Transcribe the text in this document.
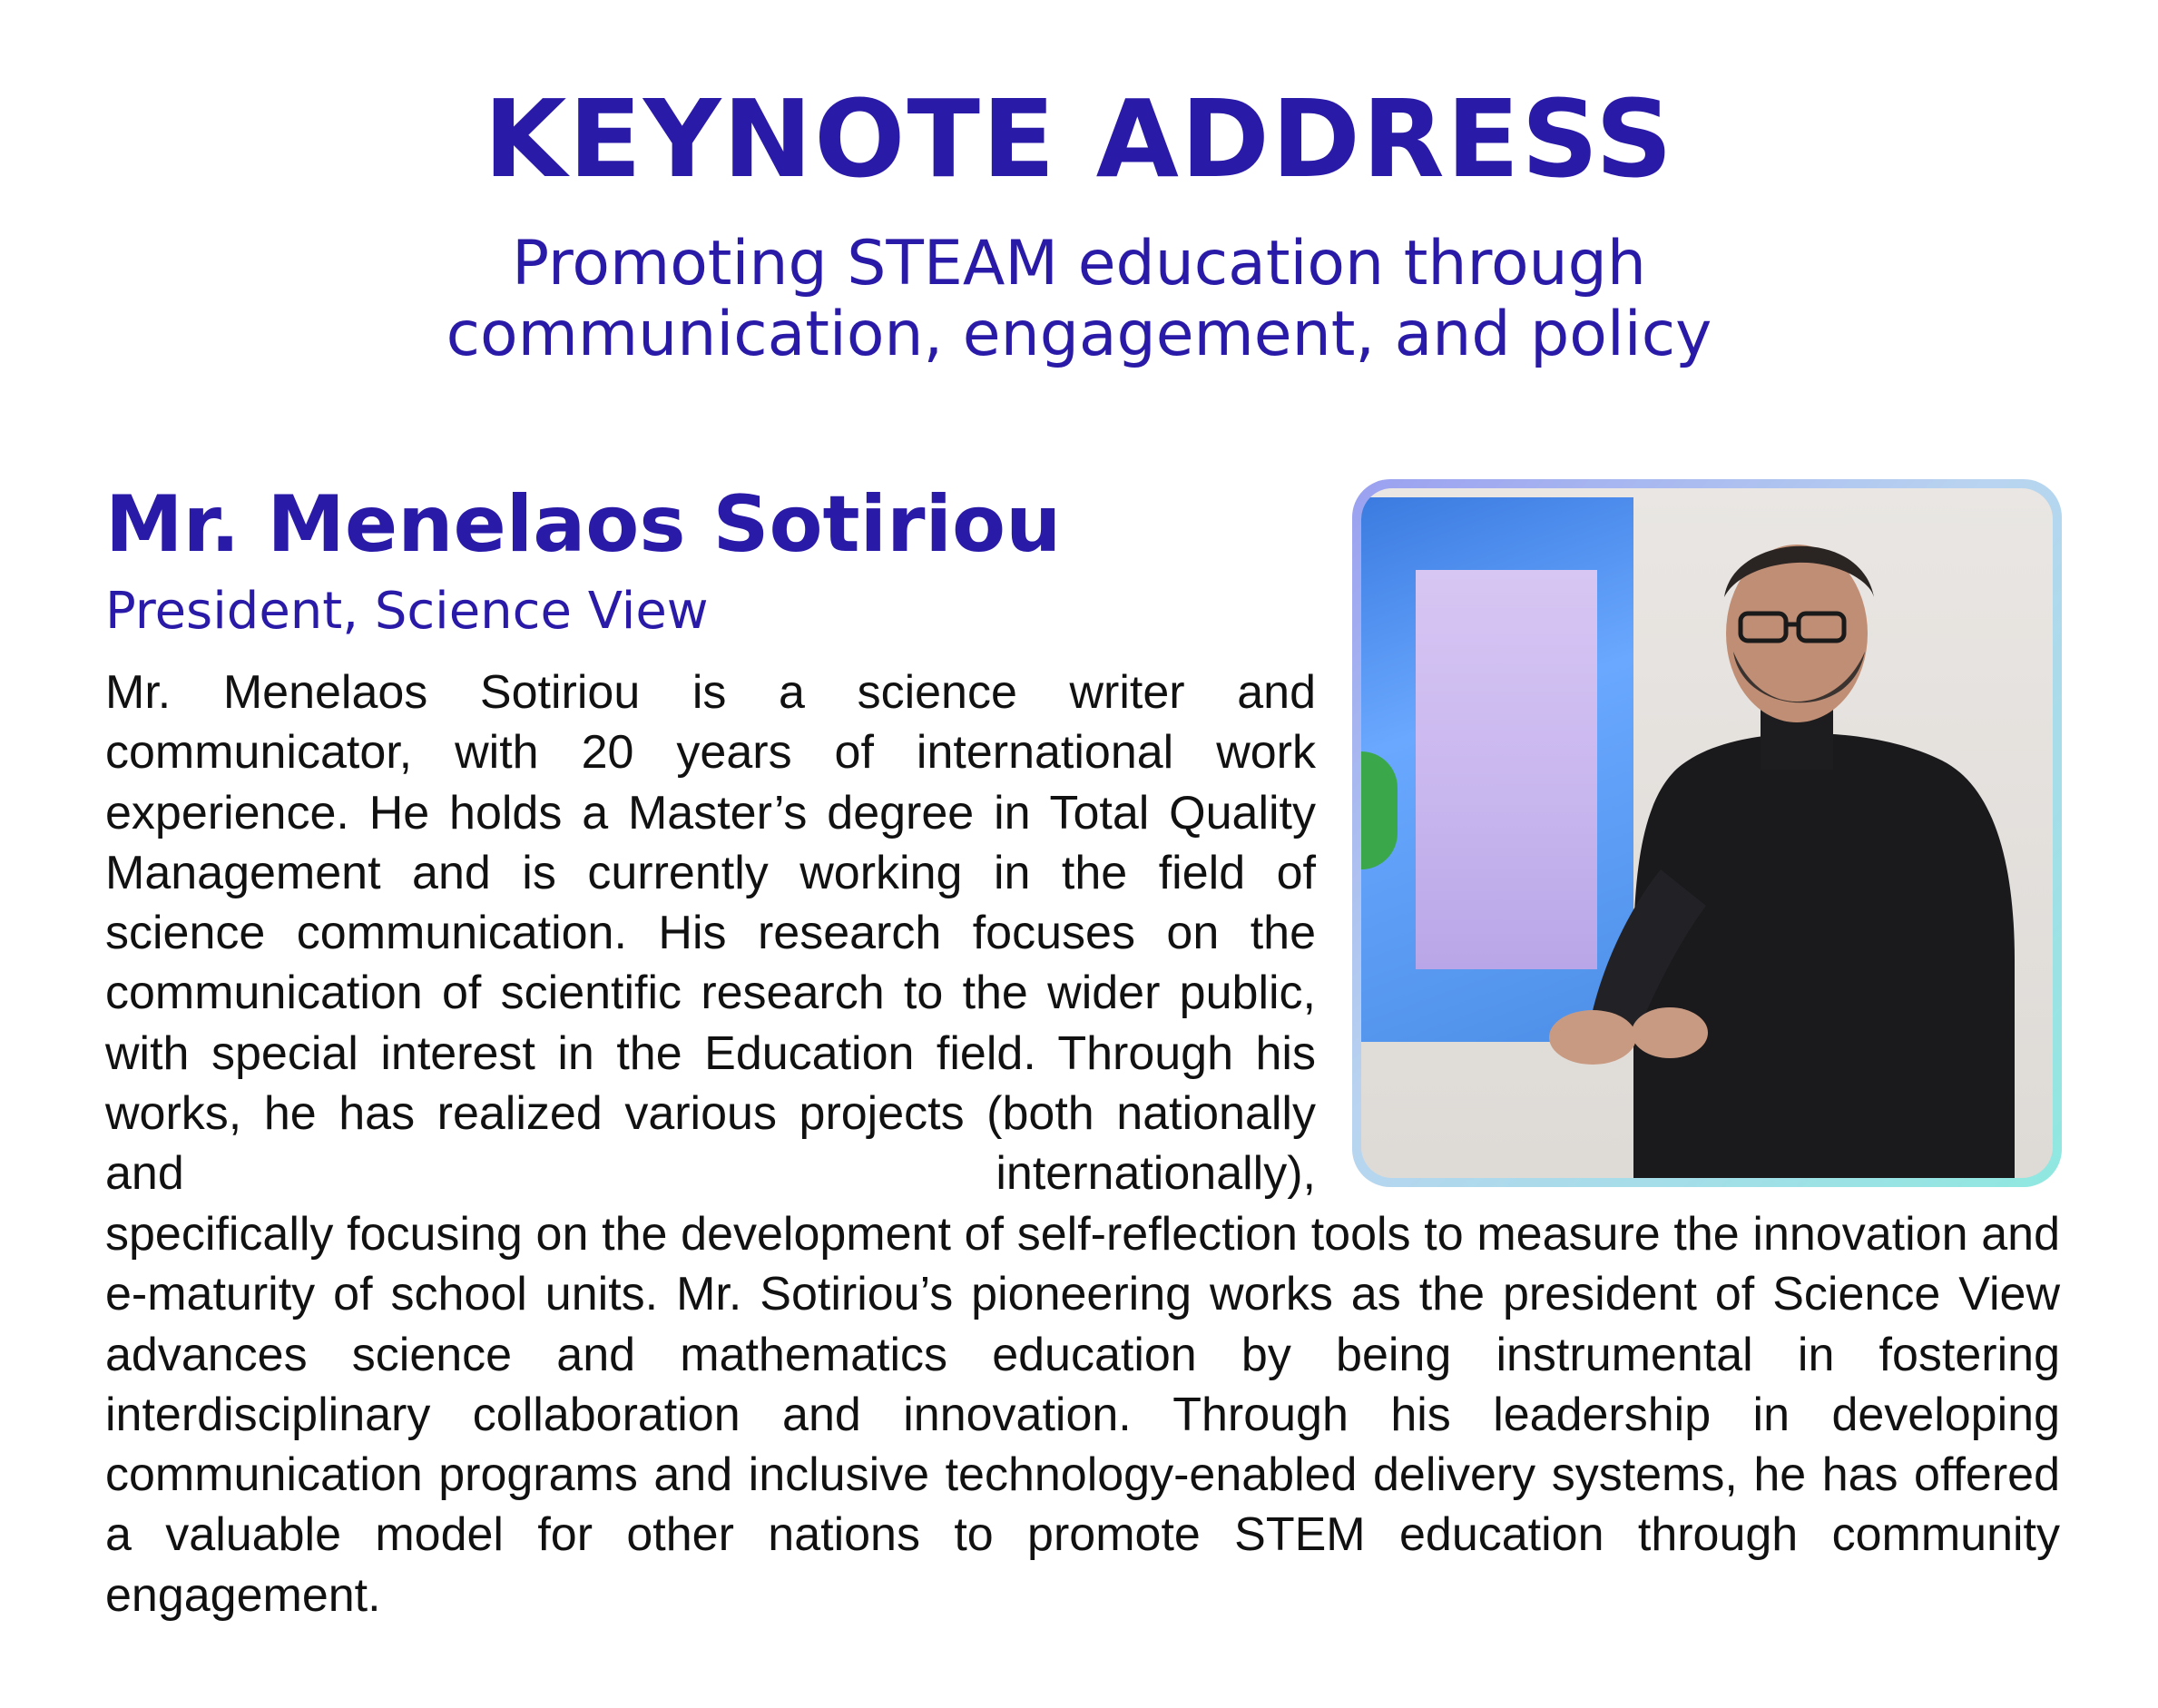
KEYNOTE ADDRESS
Promoting STEAM education through
communication, engagement, and policy
Mr. Menelaos Sotiriou
President, Science View

Mr. Menelaos Sotiriou is a science writer and communicator, with 20 years of international work experience. He holds a Master’s degree in Total Quality Management and is currently working in the field of science communication. His research focuses on the communication of scientific research to the wider public, with special interest in the Education field. Through his works, he has realized various projects (both nationally and internationally),

specifically focusing on the development of self-reflection tools to measure the innovation and e-maturity of school units. Mr. Sotiriou’s pioneering works as the president of Science View advances science and mathematics education by being instrumental in fostering interdisciplinary collaboration and innovation. Through his leadership in developing communication programs and inclusive technology-enabled delivery systems, he has offered a valuable model for other nations to promote STEM education through community engagement.
